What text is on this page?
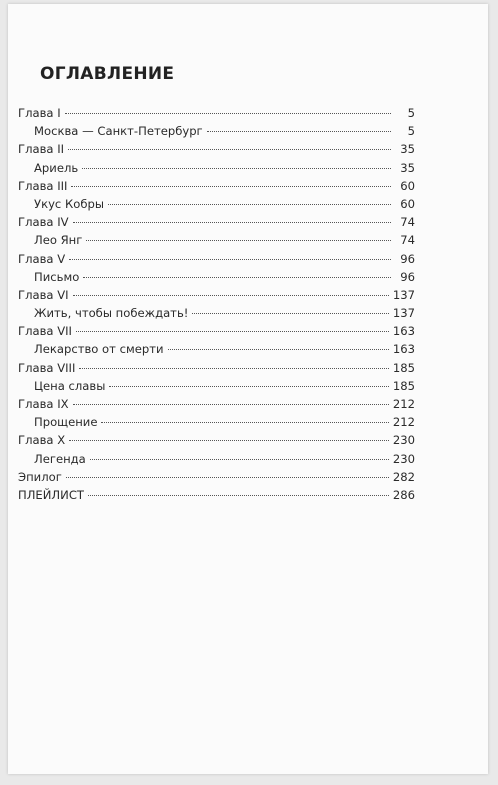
ОГЛАВЛЕНИЕ
Глава I	5
Москва — Санкт-Петербург	5
Глава II	35
Ариель	35
Глава III	60
Укус Кобры	60
Глава IV	74
Лео Янг	74
Глава V	96
Письмо	96
Глава VI	137
Жить, чтобы побеждать!	137
Глава VII	163
Лекарство от смерти	163
Глава VIII	185
Цена славы	185
Глава IX	212
Прощение	212
Глава X	230
Легенда	230
Эпилог	282
ПЛЕЙЛИСТ	286
